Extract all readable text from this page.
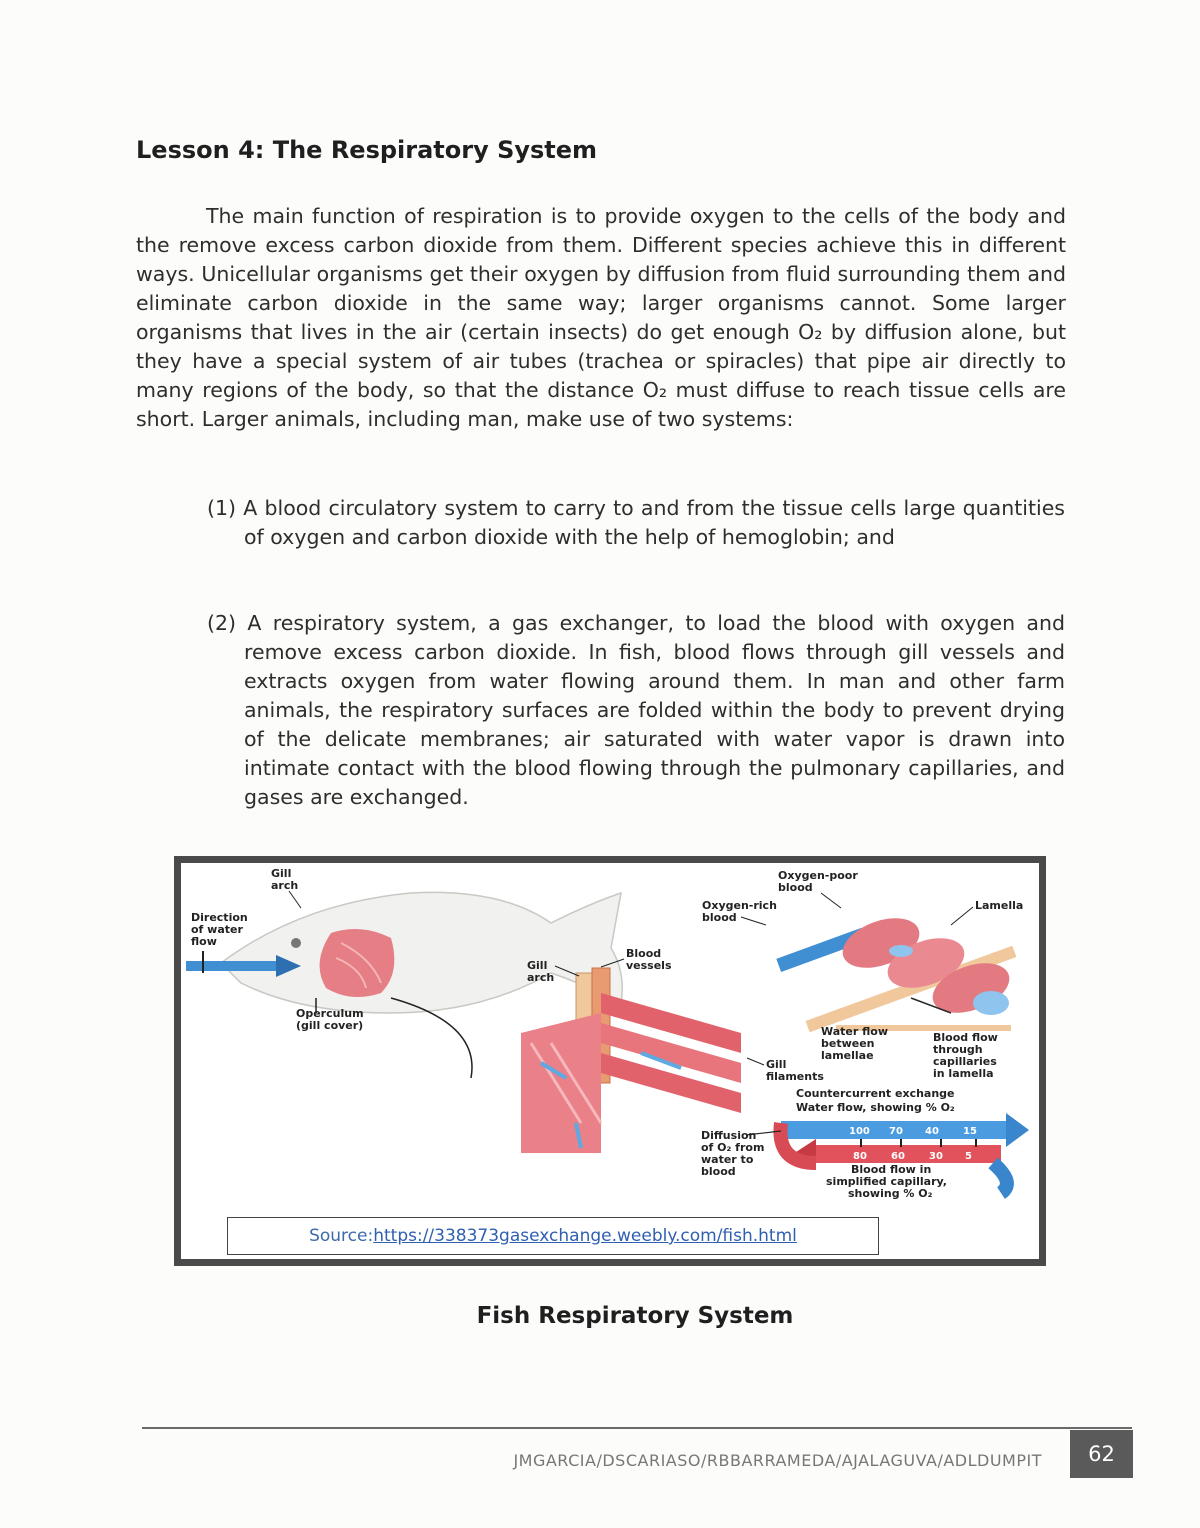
Lesson 4: The Respiratory System

The main function of respiration is to provide oxygen to the cells of the body and the remove excess carbon dioxide from them. Different species achieve this in different ways. Unicellular organisms get their oxygen by diffusion from fluid surrounding them and eliminate carbon dioxide in the same way; larger organisms cannot. Some larger organisms that lives in the air (certain insects) do get enough O₂ by diffusion alone, but they have a special system of air tubes (trachea or spiracles) that pipe air directly to many regions of the body, so that the distance O₂ must diffuse to reach tissue cells are short. Larger animals, including man, make use of two systems:

(1) A blood circulatory system to carry to and from the tissue cells large quantities of oxygen and carbon dioxide with the help of hemoglobin; and

(2) A respiratory system, a gas exchanger, to load the blood with oxygen and remove excess carbon dioxide. In fish, blood flows through gill vessels and extracts oxygen from water flowing around them. In man and other farm animals, the respiratory surfaces are folded within the body to prevent drying of the delicate membranes; air saturated with water vapor is drawn into intimate contact with the blood flowing through the pulmonary capillaries, and gases are exchanged.

100 70 40 15
80 60 30 5
Gill
arch
Direction
of water
flow
Operculum
(gill cover)
Gill
arch
Blood
vessels
Oxygen-poor
blood
Oxygen-rich
blood
Lamella
Water flow
between
lamellae
Blood flow
through
capillaries
in lamella
Gill
filaments
Countercurrent exchange
Water flow, showing % O₂
Diffusion
of O₂ from
water to
blood	Blood flow in
simplified capillary,
showing % O₂
Source: https://338373gasexchange.weebly.com/fish.html
Fish Respiratory System
JMGARCIA/DSCARIASO/RBBARRAMEDA/AJALAGUVA/ADLDUMPIT	62
